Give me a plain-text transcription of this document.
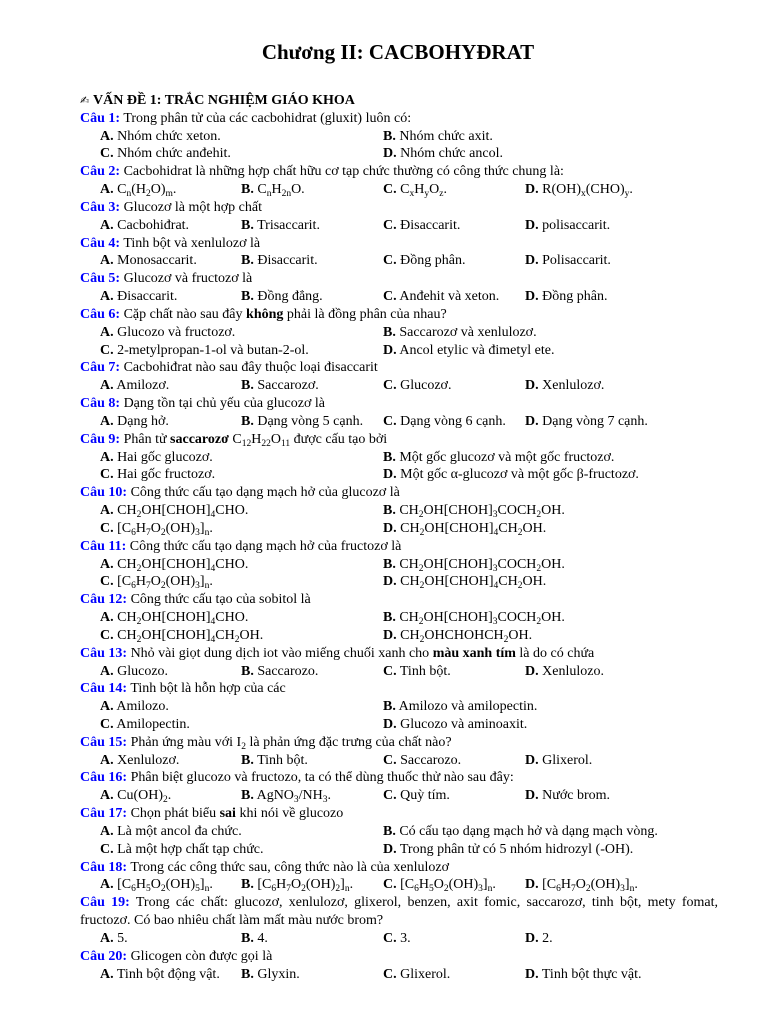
Chương II: CACBOHYĐRAT
✍ VẤN ĐỀ 1: TRẮC NGHIỆM GIÁO KHOA
Câu 1: Trong phân tử của các cacbohidrat (gluxit) luôn có:
A. Nhóm chức xeton.	B. Nhóm chức axit.
C. Nhóm chức anđehit.	D. Nhóm chức ancol.
Câu 2: Cacbohidrat là những hợp chất hữu cơ tạp chức thường có công thức chung là:
A. $C_n(H_2O)_m$.	B. $C_nH_{2n}O$.	C. $C_xH_yO_z$.	D. $R(OH)_x(CHO)_y$.
Câu 3: Glucozơ là một hợp chất
A. Cacbohiđrat.	B. Trisaccarit.	C. Đisaccarit.	D. polisaccarit.
Câu 4: Tinh bột và xenlulozơ là
A. Monosaccarit.	B. Đisaccarit.	C. Đồng phân.	D. Polisaccarit.
Câu 5: Glucozơ và fructozơ là
A. Đisaccarit.	B. Đồng đẳng.	C. Anđehit và xeton.	D. Đồng phân.
Câu 6: Cặp chất nào sau đây không phải là đồng phân của nhau?
A. Glucozo và fructozơ.	B. Saccarozơ và xenlulozơ.
C. 2-metylpropan-1-ol và butan-2-ol.	D. Ancol etylic và đimetyl ete.
Câu 7: Cacbohiđrat nào sau đây thuộc loại đisaccarit
A. Amilozơ.	B. Saccarozơ.	C. Glucozơ.	D. Xenlulozơ.
Câu 8: Dạng tồn tại chủ yếu của glucozơ là
A. Dạng hở.	B. Dạng vòng 5 cạnh.	C. Dạng vòng 6 cạnh.	D. Dạng vòng 7 cạnh.
Câu 9: Phân tử saccarozơ $C_{12}H_{22}O_{11}$ được cấu tạo bởi
A. Hai gốc glucozơ.	B. Một gốc glucozơ và một gốc fructozơ.
C. Hai gốc fructozơ.	D. Một gốc α-glucozơ và một gốc β-fructozơ.
Câu 10: Công thức cấu tạo dạng mạch hở của glucozơ là
A. $CH_2OH[CHOH]_4CHO$.	B. $CH_2OH[CHOH]_3COCH_2OH$.
C. $[C_6H_7O_2(OH)_3]_n$.	D. $CH_2OH[CHOH]_4CH_2OH$.
Câu 11: Công thức cấu tạo dạng mạch hở của fructozơ là
A. $CH_2OH[CHOH]_4CHO$.	B. $CH_2OH[CHOH]_3COCH_2OH$.
C. $[C_6H_7O_2(OH)_3]_n$.	D. $CH_2OH[CHOH]_4CH_2OH$.
Câu 12: Công thức cấu tạo của sobitol là
A. $CH_2OH[CHOH]_4CHO$.	B. $CH_2OH[CHOH]_3COCH_2OH$.
C. $CH_2OH[CHOH]_4CH_2OH$.	D. $CH_2OHCHOHCH_2OH$.
Câu 13: Nhỏ vài giọt dung dịch iot vào miếng chuối xanh cho màu xanh tím là do có chứa
A. Glucozo.	B. Saccarozo.	C. Tinh bột.	D. Xenlulozo.
Câu 14: Tinh bột là hỗn hợp của các
A. Amilozo.	B. Amilozo và amilopectin.
C. Amilopectin.	D. Glucozo và aminoaxit.
Câu 15: Phản ứng màu với $I_2$ là phản ứng đặc trưng của chất nào?
A. Xenlulozơ.	B. Tinh bột.	C. Saccarozo.	D. Glixerol.
Câu 16: Phân biệt glucozo và fructozo, ta có thể dùng thuốc thử nào sau đây:
A. $Cu(OH)_2$.	B. $AgNO_3/NH_3$.	C. Quỳ tím.	D. Nước brom.
Câu 17: Chọn phát biểu sai khi nói về glucozo
A. Là một ancol đa chức.	B. Có cấu tạo dạng mạch hở và dạng mạch vòng.
C. Là một hợp chất tạp chức.	D. Trong phân tử có 5 nhóm hidrozyl (-OH).
Câu 18: Trong các công thức sau, công thức nào là của xenlulozơ
A. $[C_6H_5O_2(OH)_5]_n$.	B. $[C_6H_7O_2(OH)_2]_n$.	C. $[C_6H_5O_2(OH)_3]_n$.	D. $[C_6H_7O_2(OH)_3]_n$.
Câu 19: Trong các chất: glucozơ, xenlulozơ, glixerol, benzen, axit fomic, saccarozơ, tinh bột, mety fomat, fructozơ. Có bao nhiêu chất làm mất màu nước brom?
A. 5.	B. 4.	C. 3.	D. 2.
Câu 20: Glicogen còn được gọi là
A. Tinh bột động vật.	B. Glyxin.	C. Glixerol.	D. Tinh bột thực vật.
